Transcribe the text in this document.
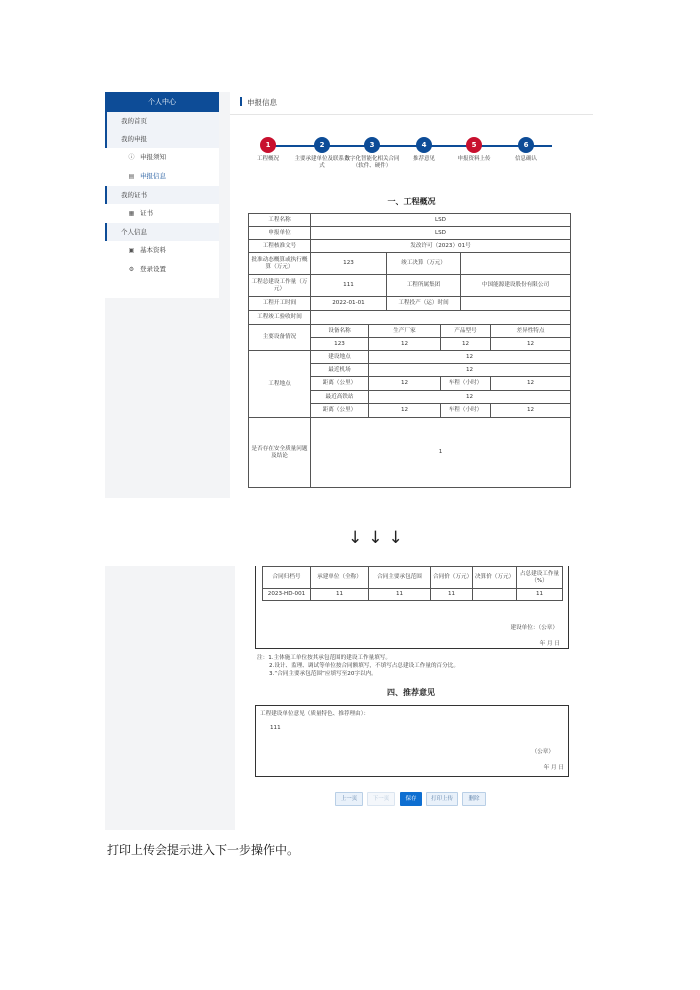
个人中心
我的首页
我的申报
ⓘ 申报须知
▤ 申报信息
我的证书
▦ 证书
个人信息
▣ 基本资料
⚙ 登录设置
申报信息
1
工程概况
2
主要承建单位及联系方式
3
数字化智能化相关合同（软件、硬件）
4
推荐意见
5
申报资料上传
6
信息确认
一、工程概况
工程名称	LSD					
申报单位	LSD					
工程核准文号	发改许可（2023）01号					
批准动态概算或执行概算（万元）	123		竣工决算（万元）			
工程总建设工作量（万元）	111		工程所属集团		中国能源建设股份有限公司	
工程开工时间	2022-01-01		工程投产（运）时间			
工程竣工验收时间						
主要设备情况	设备名称	生产厂家		产品型号		差异性特点
	123	12		12		12
工程地点	建设地点	12				
	最近机场	12				
	距离（公里）	12		车程（小时）		12
	最近高铁站	12				
	距离（公里）	12		车程（小时）		12
是否存在安全质量问题及结论	1					
↓↓↓
合同归档号	承建单位（全称）	合同主要承包范围	合同价（万元）	决算价（万元）	占总建设工作量（%）
2023-HD-001	11	11	11		11
建设单位：（公章）
年 月 日
注：1.主体施工单位按其承包范围的建设工作量填写。
2.设计、监理、调试等单位按合同额填写，不填写占总建设工作量的百分比。
3.“合同主要承包范围”应填写至20字以内。
四、推荐意见
工程建设单位意见（质量特色、推荐理由）：
111
（公章）
年 月 日
上一页	下一页	保存	打印上传	删除
打印上传会提示进入下一步操作中。
